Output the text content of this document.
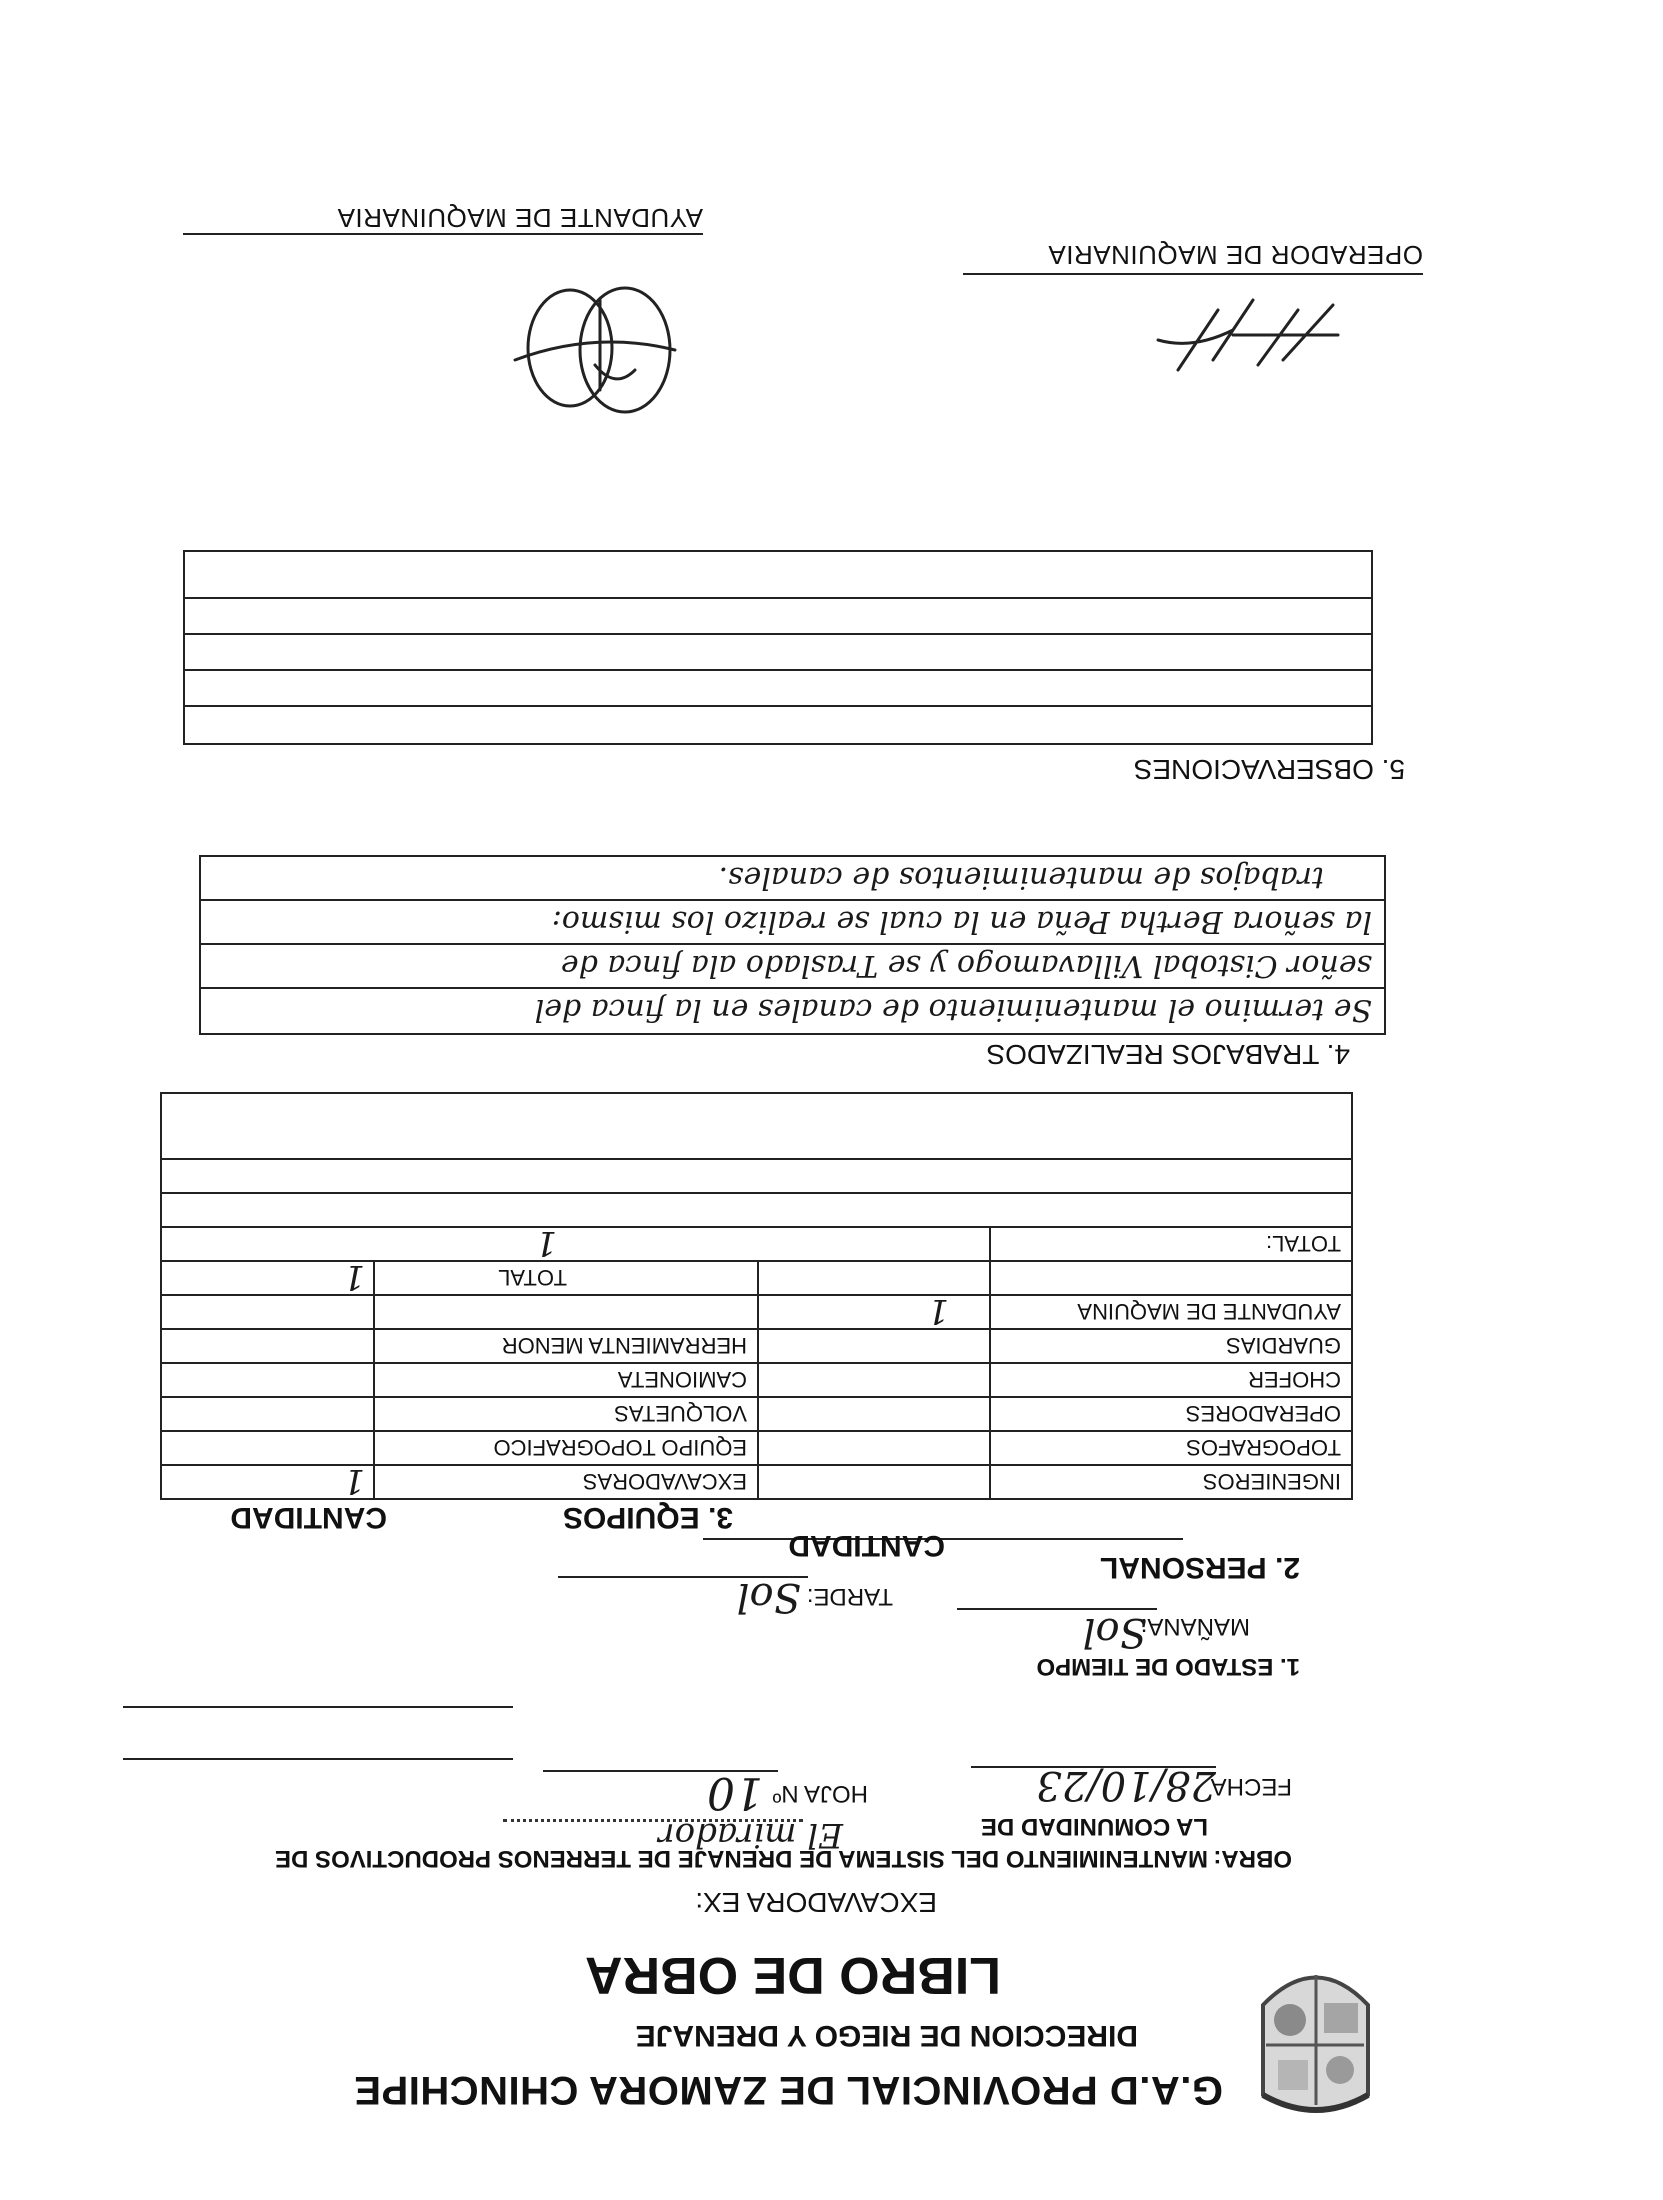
G.A.D PROVINCIAL DE ZAMORA CHINCHIPE
DIRECCION DE RIEGO Y DRENAJE
LIBRO DE OBRA
EXCAVADORA EX:
OBRA:
MANTENIMIENTO DEL SISTEMA DE DRENAJE DE TERRENOS PRODUCTIVOS DE
LA COMUNIDAD DE
El mirador
FECHA
28/10/23
HOJA Nº
10
1. ESTADO DE TIEMPO
MAÑANA:
Sol
TARDE:
Sol
2. PERSONAL
CANTIDAD
3. EQUIPOS
CANTIDAD
INGENIEROS
EXCAVADORAS
1
TOPOGRAFOS
EQUIPO TOPOGRAFICO
OPERADORES
VOLQUETAS
CHOFER
CAMIONETA
GUARDIAS
HERRAMIENTA MENOR
AYUDANTE DE MAQUINA
1
TOTAL
1
TOTAL:
1
4. TRABAJOS REALIZADOS
Se termino el mantenimiento de canales en la finca del
señor Cistobal Villavamogo y se Traslado ala finca de
la señora Bertha Peña en la cual se realizo los mismo:
trabajos de mantenimientos de canales.
5. OBSERVACIONES
OPERADOR DE MAQUINARIA
AYUDANTE DE MAQUINARIA
